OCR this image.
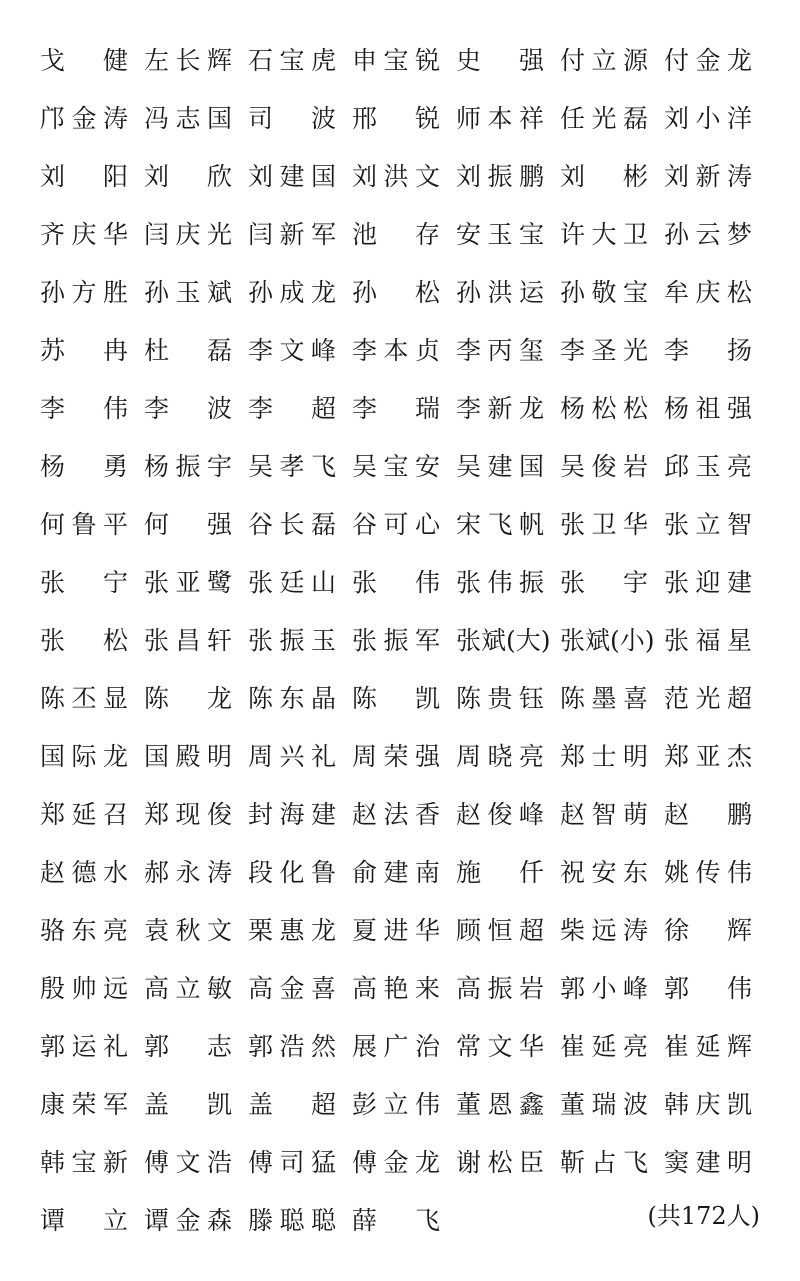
戈 健 左 长 辉 石 宝 虎 申 宝 锐 史 强 付 立 源 付 金 龙
邝 金 涛 冯 志 国 司 波 邢 锐 师 本 祥 任 光 磊 刘 小 洋
刘 阳 刘 欣 刘 建 国 刘 洪 文 刘 振 鹏 刘 彬 刘 新 涛
齐 庆 华 闫 庆 光 闫 新 军 池 存 安 玉 宝 许 大 卫 孙 云 梦
孙 方 胜 孙 玉 斌 孙 成 龙 孙 松 孙 洪 运 孙 敬 宝 牟 庆 松
苏 冉 杜 磊 李 文 峰 李 本 贞 李 丙 玺 李 圣 光 李 扬
李 伟 李 波 李 超 李 瑞 李 新 龙 杨 松 松 杨 祖 强
杨 勇 杨 振 宇 吴 孝 飞 吴 宝 安 吴 建 国 吴 俊 岩 邱 玉 亮
何 鲁 平 何 强 谷 长 磊 谷 可 心 宋 飞 帆 张 卫 华 张 立 智
张 宁 张 亚 鹭 张 廷 山 张 伟 张 伟 振 张 宇 张 迎 建
张 松 张 昌 轩 张 振 玉 张 振 军 张 斌 (大) 张 斌 (小) 张 福 星
陈 丕 显 陈 龙 陈 东 晶 陈 凯 陈 贵 钰 陈 墨 喜 范 光 超
国 际 龙 国 殿 明 周 兴 礼 周 荣 强 周 晓 亮 郑 士 明 郑 亚 杰
郑 延 召 郑 现 俊 封 海 建 赵 法 香 赵 俊 峰 赵 智 萌 赵 鹏
赵 德 水 郝 永 涛 段 化 鲁 俞 建 南 施 仟 祝 安 东 姚 传 伟
骆 东 亮 袁 秋 文 栗 惠 龙 夏 进 华 顾 恒 超 柴 远 涛 徐 辉
殷 帅 远 高 立 敏 高 金 喜 高 艳 来 高 振 岩 郭 小 峰 郭 伟
郭 运 礼 郭 志 郭 浩 然 展 广 治 常 文 华 崔 延 亮 崔 延 辉
康 荣 军 盖 凯 盖 超 彭 立 伟 董 恩 鑫 董 瑞 波 韩 庆 凯
韩 宝 新 傅 文 浩 傅 司 猛 傅 金 龙 谢 松 臣 靳 占 飞 窦 建 明
谭 立 谭 金 森 滕 聪 聪 薛 飞	(共172人)
